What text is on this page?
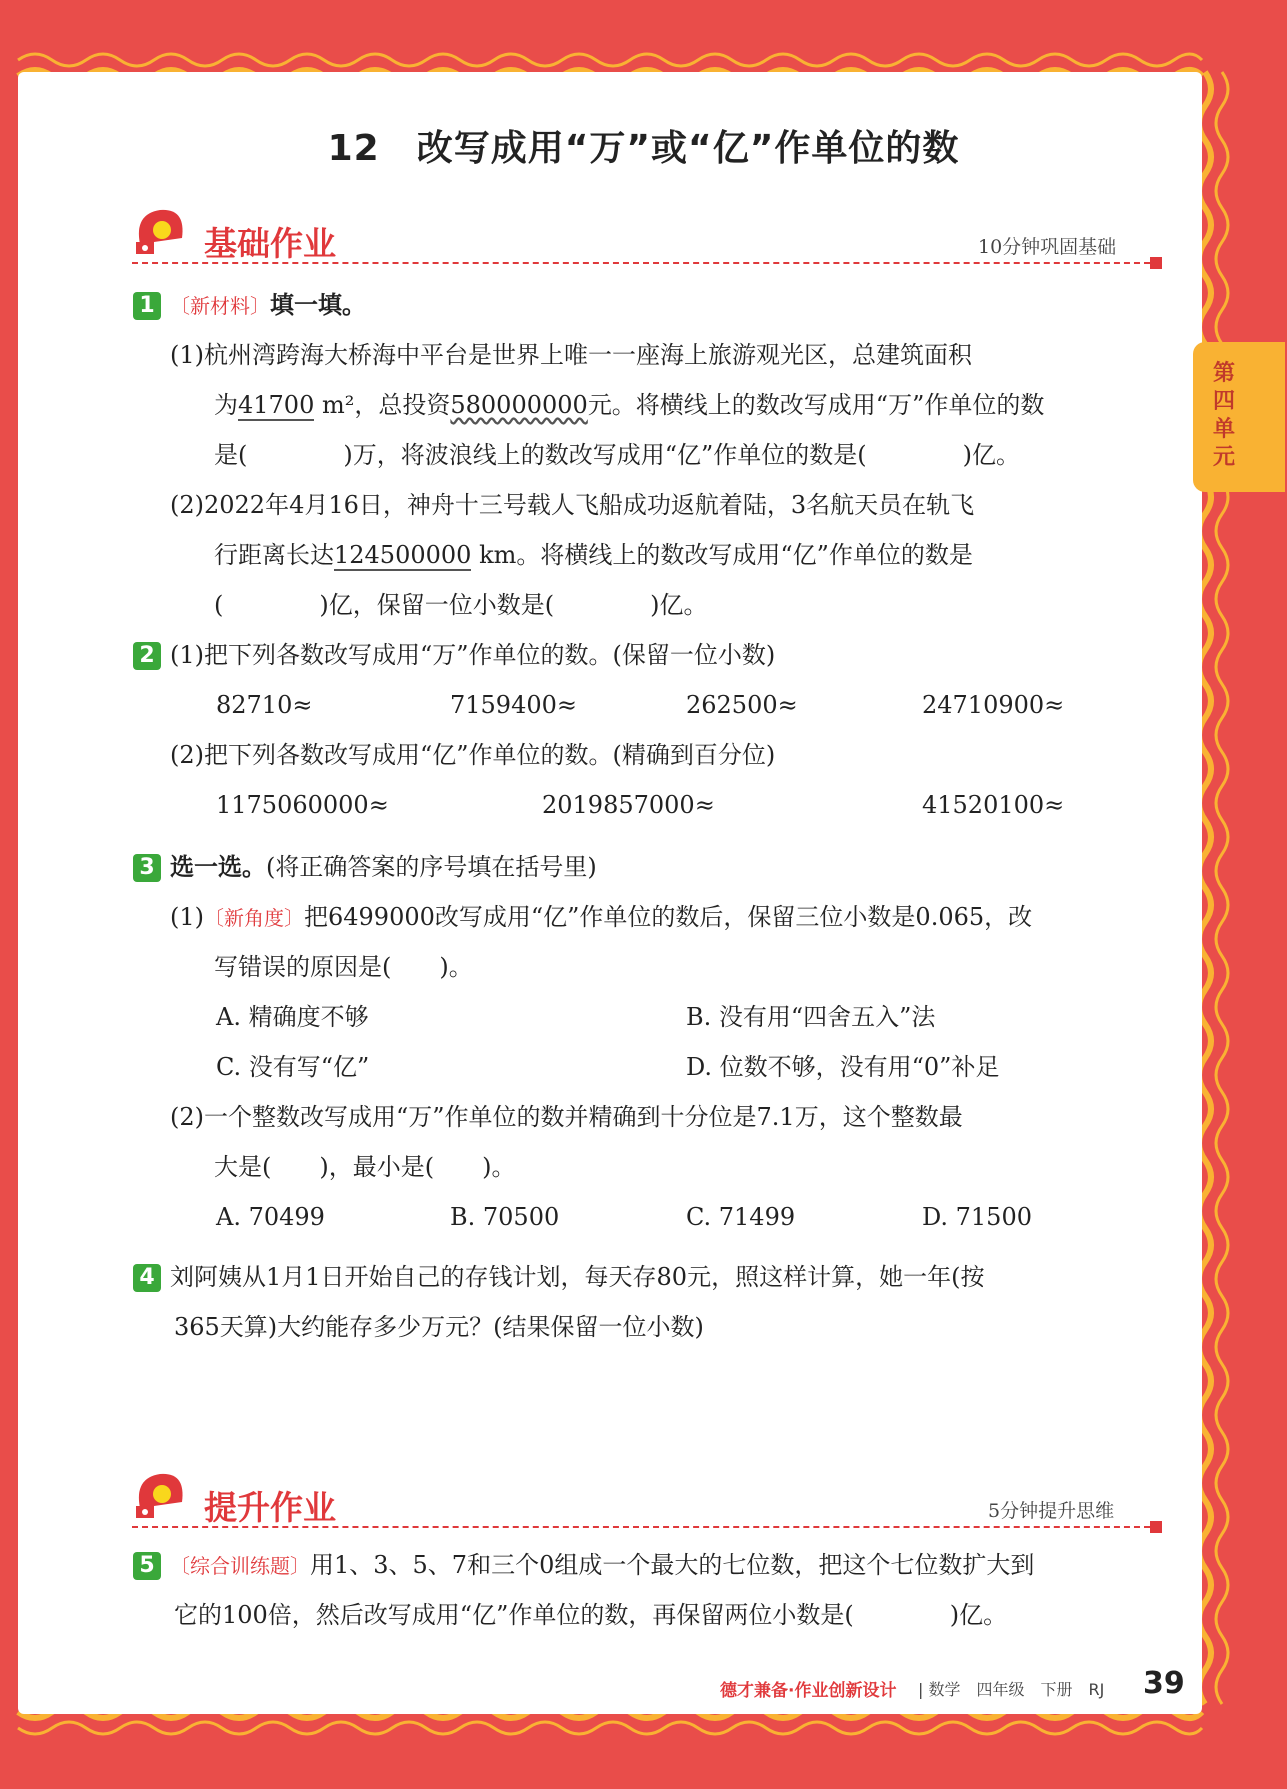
第四单元
12　改写成用“万”或“亿”作单位的数
基础作业	10分钟巩固基础
1 〔新材料〕填一填。
(1)杭州湾跨海大桥海中平台是世界上唯一一座海上旅游观光区，总建筑面积
为41700 m²，总投资580000000元。将横线上的数改写成用“万”作单位的数
是(　　　　)万，将波浪线上的数改写成用“亿”作单位的数是(　　　　)亿。
(2)2022年4月16日，神舟十三号载人飞船成功返航着陆，3名航天员在轨飞
行距离长达124500000 km。将横线上的数改写成用“亿”作单位的数是
(　　　　)亿，保留一位小数是(　　　　)亿。
2 (1)把下列各数改写成用“万”作单位的数。(保留一位小数)
82710≈	7159400≈	262500≈	24710900≈
(2)把下列各数改写成用“亿”作单位的数。(精确到百分位)
1175060000≈	2019857000≈	41520100≈
3 选一选。(将正确答案的序号填在括号里)
(1)〔新角度〕把6499000改写成用“亿”作单位的数后，保留三位小数是0.065，改
写错误的原因是(　　)。
A. 精确度不够	B. 没有用“四舍五入”法
C. 没有写“亿”	D. 位数不够，没有用“0”补足
(2)一个整数改写成用“万”作单位的数并精确到十分位是7.1万，这个整数最
大是(　　)，最小是(　　)。
A. 70499	B. 70500	C. 71499	D. 71500
4 刘阿姨从1月1日开始自己的存钱计划，每天存80元，照这样计算，她一年(按
365天算)大约能存多少万元？(结果保留一位小数)
提升作业	5分钟提升思维
5 〔综合训练题〕用1、3、5、7和三个0组成一个最大的七位数，把这个七位数扩大到
它的100倍，然后改写成用“亿”作单位的数，再保留两位小数是(　　　　)亿。
德才兼备·作业创新设计 | 数学　四年级　下册　RJ 39
